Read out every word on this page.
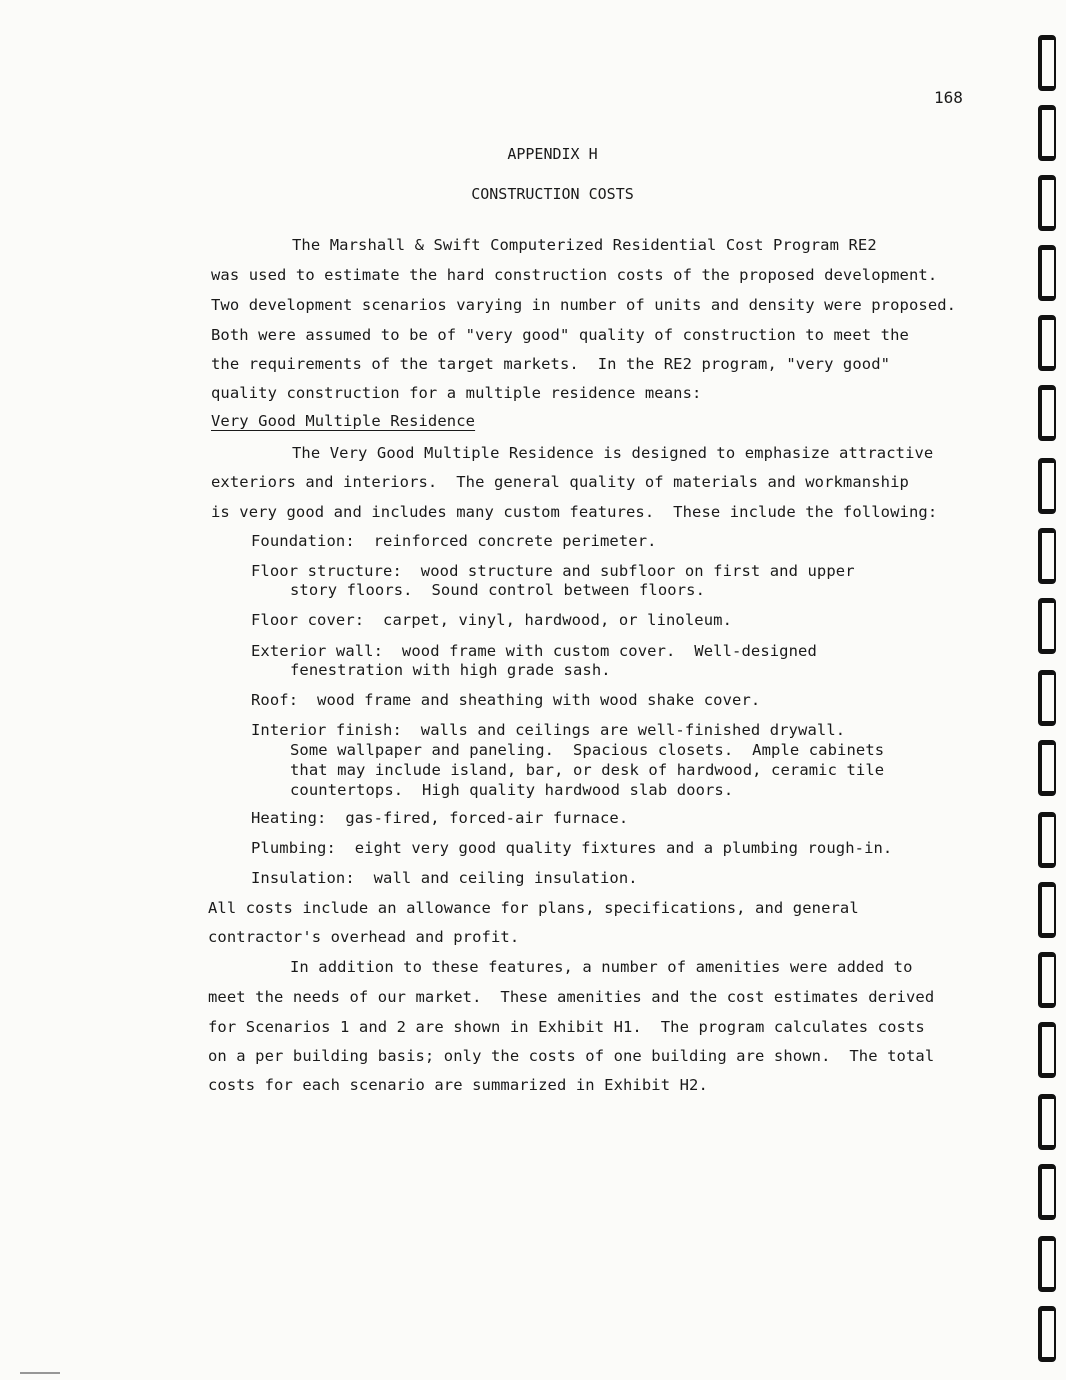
168
APPENDIX H
CONSTRUCTION COSTS
The Marshall & Swift Computerized Residential Cost Program RE2
was used to estimate the hard construction costs of the proposed development.
Two development scenarios varying in number of units and density were proposed.
Both were assumed to be of "very good" quality of construction to meet the
the requirements of the target markets.  In the RE2 program, "very good"
quality construction for a multiple residence means:
Very Good Multiple Residence
The Very Good Multiple Residence is designed to emphasize attractive
exteriors and interiors.  The general quality of materials and workmanship
is very good and includes many custom features.  These include the following:
Foundation:  reinforced concrete perimeter.
Floor structure:  wood structure and subfloor on first and upper
story floors.  Sound control between floors.
Floor cover:  carpet, vinyl, hardwood, or linoleum.
Exterior wall:  wood frame with custom cover.  Well-designed
fenestration with high grade sash.
Roof:  wood frame and sheathing with wood shake cover.
Interior finish:  walls and ceilings are well-finished drywall.
Some wallpaper and paneling.  Spacious closets.  Ample cabinets
that may include island, bar, or desk of hardwood, ceramic tile
countertops.  High quality hardwood slab doors.
Heating:  gas-fired, forced-air furnace.
Plumbing:  eight very good quality fixtures and a plumbing rough-in.
Insulation:  wall and ceiling insulation.
All costs include an allowance for plans, specifications, and general
contractor's overhead and profit.
In addition to these features, a number of amenities were added to
meet the needs of our market.  These amenities and the cost estimates derived
for Scenarios 1 and 2 are shown in Exhibit H1.  The program calculates costs
on a per building basis; only the costs of one building are shown.  The total
costs for each scenario are summarized in Exhibit H2.
